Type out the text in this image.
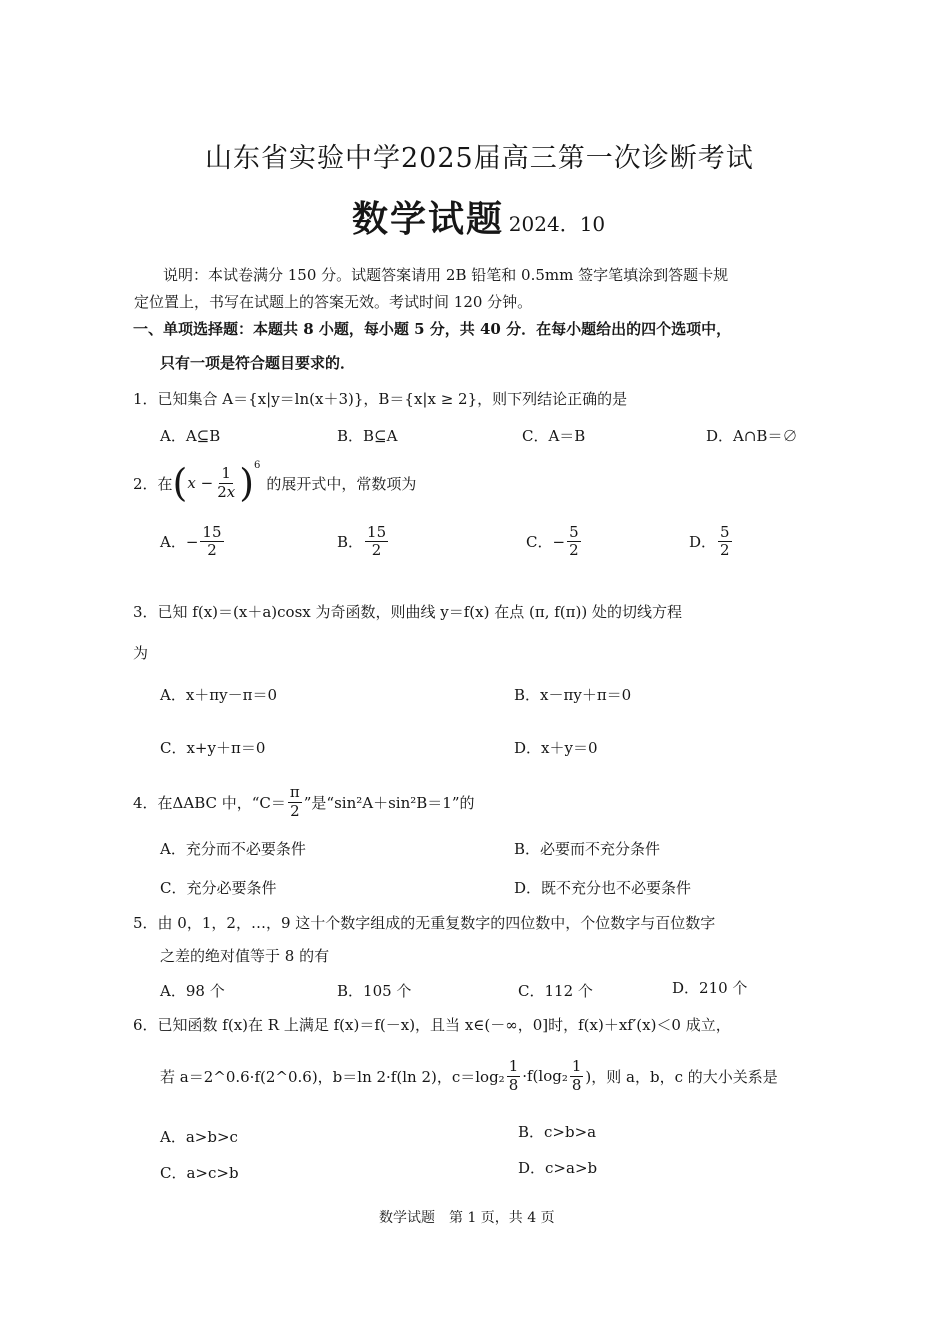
山东省实验中学2025届高三第一次诊断考试
数学试题 2024．10
说明：本试卷满分 150 分。试题答案请用 2B 铅笔和 0.5mm 签字笔填涂到答题卡规
定位置上，书写在试题上的答案无效。考试时间 120 分钟。
一、单项选择题：本题共 8 小题，每小题 5 分，共 40 分．在每小题给出的四个选项中，
只有一项是符合题目要求的．
1．已知集合 A＝{x|y＝ln(x＋3)}，B＝{x|x ≥ 2}，则下列结论正确的是
A．A⊆B	B．B⊆A	C．A＝B	D．A∩B＝∅
2．在 ( $x - \frac{1}{2x} )^6$
的展开式中，常数项为
A． − $\frac{15}{2}$	B． $\frac{15}{2}$	C． − $\frac{5}{2}$	D． $\frac{5}{2}$
3．已知 f(x)＝(x＋a)cosx 为奇函数，则曲线 y＝f(x) 在点 (π, f(π)) 处的切线方程
为
A．x＋πy－π＝0	B．x－πy＋π＝0
C．x+y＋π＝0	D．x＋y＝0
4．在ΔABC 中，“$C= \frac{\pi}{2}$ ”是“sin²A＋sin²B＝1”的
A．充分而不必要条件	B．必要而不充分条件
C．充分必要条件	D．既不充分也不必要条件
5．由 0，1，2，…，9 这十个数字组成的无重复数字的四位数中，个位数字与百位数字
之差的绝对值等于 8 的有
A．98 个	B．105 个	C．112 个	D．210 个
6．已知函数 f(x)在 R 上满足 f(x)＝f(－x)，且当 x∈(－∞，0]时，f(x)＋xf′(x)＜0 成立，
若 a＝2^0.6·f(2^0.6)，b＝ln 2·f(ln 2)，$c=\log_2 \frac{1}{8} \cdot f(\log_2 \frac{1}{8}$ )，则 a，b，c 的大小关系是
A．a>b>c	B．c>b>a
C．a>c>b	D．c>a>b
数学试题　第 1 页，共 4 页
